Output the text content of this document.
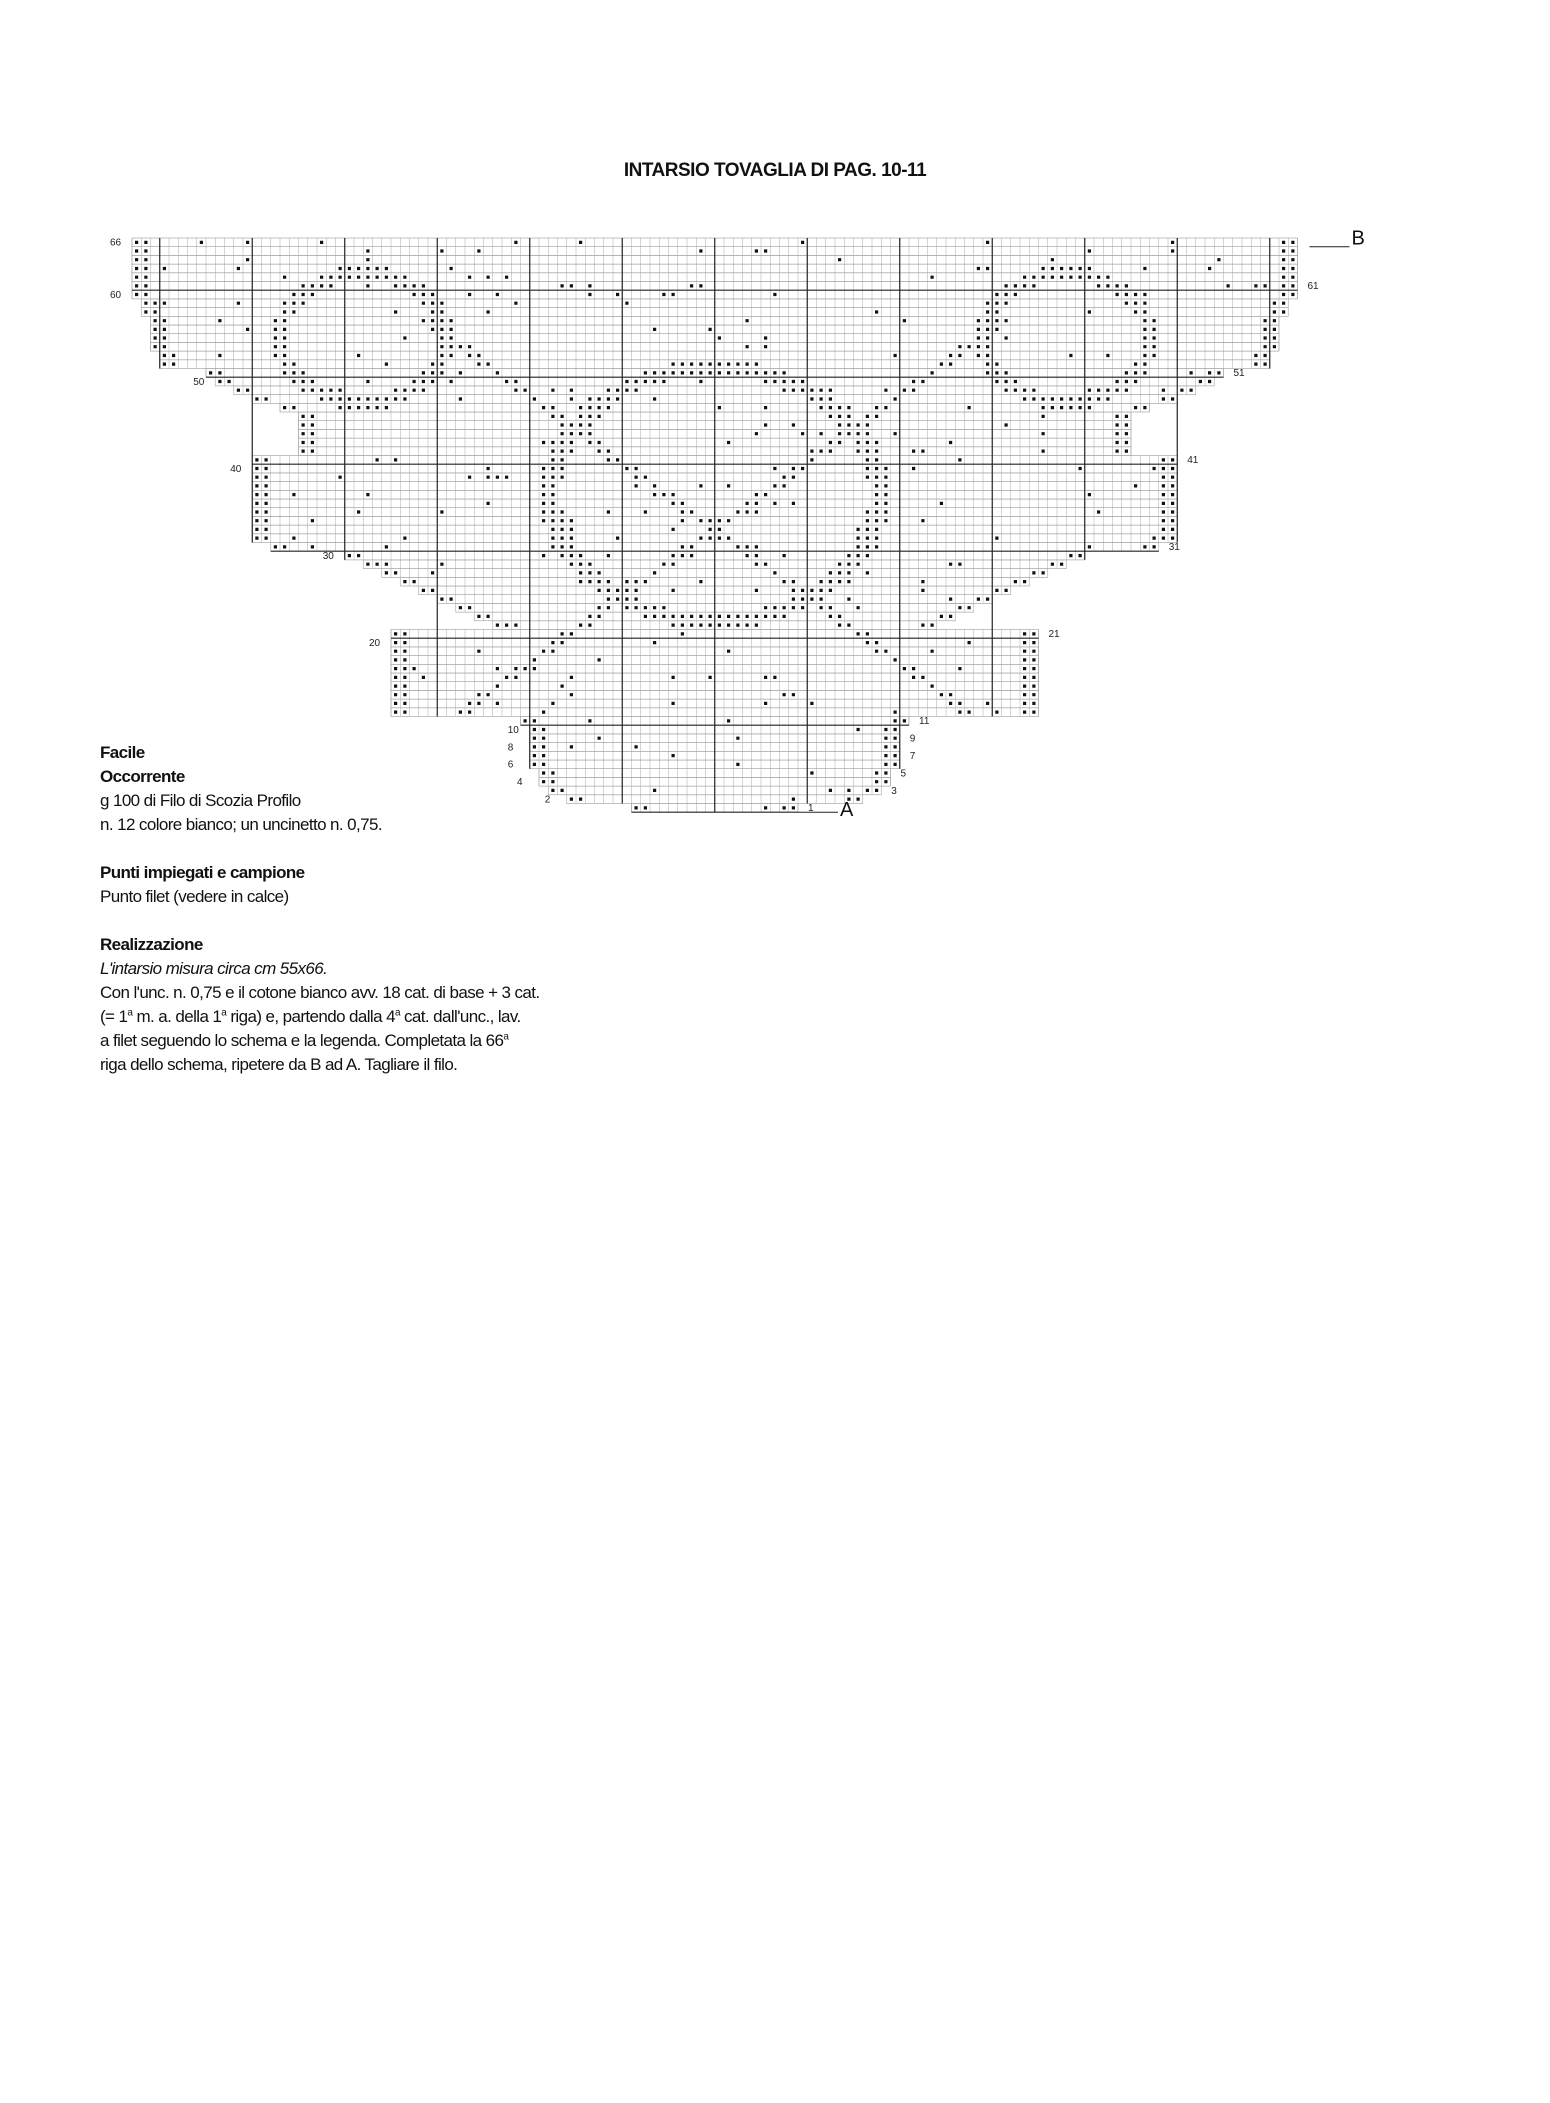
INTARSIO TOVAGLIA DI PAG. 10-11
66
61
60
51
50
41
40
31
30
21
20
11
10
9
8
7
6
5
4
3
2
1 A
B
Facile
Occorrente
g 100 di Filo di Scozia Profilo
n. 12 colore bianco; un uncinetto n. 0,75.
Punti impiegati e campione
Punto filet (vedere in calce)
Realizzazione
L'intarsio misura circa cm 55x66.
Con l'unc. n. 0,75 e il cotone bianco avv. 18 cat. di base + 3 cat.
(= $1^a$ m. a. della 1$^a$ riga) e, partendo dalla 4$^a$ cat. dall'unc., lav.
a filet seguendo lo schema e la legenda. Completata la 66$^a$
riga dello schema, ripetere da B ad A. Tagliare il filo.
